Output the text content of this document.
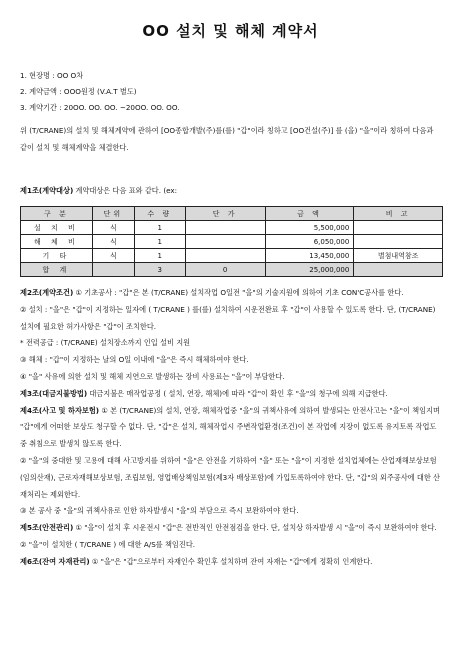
OO 설치 및 해체 계약서
1. 현장명 : OO O차
2. 계약금액 : OOO원정 (V.A.T 별도)
3. 계약기간 : 20OO. OO. OO. ~20OO. OO. OO.
위 (T/CRANE)의 설치 및 해체계약에 관하여 [OO종합개발(주)를(를) "갑"이라 칭하고 [OO건설(주)] 를 (을) "을"이라 칭하여 다음과 같이 설치 및 해체계약을 체결한다.
제1조(계약대상) 계약대상은 다음 표와 같다. (ex:
구 분	단위	수 량	단 가	금 액	비 고
설 치 비	식	1		5,500,000	
해 체 비	식	1		6,050,000	
기 타	식	1		13,450,000	별첨내역참조
합 계		3	0	25,000,000	

제2조(계약조건) ① 기초공사 : "갑"은 본 (T/CRANE) 설치작업 O일전 "을"의 기술지원에 의하여 기초 CON'C공사를 한다.

② 설치 : "을"은 "갑"이 지정하는 일자에 ( T/CRANE ) 를(를) 설치하여 시운전완료 후 "갑"이 사용할 수 있도록 한다. 단, (T/CRANE) 설치에 필요한 허가사항은 "갑"이 조치한다.

* 전력공급 : (T/CRANE) 설치장소까지 인입 설비 지원

③ 해체 : "갑"이 지정하는 날의 O일 이내에 "을"은 즉시 해체하여야 한다.

④ "을" 사유에 의한 설치 및 해체 지연으로 발생하는 장비 사용료는 "을"이 부담한다.

제3조(대금지불방법) 대금지불은 매작업공정 ( 설치, 연장, 해체)에 따라 "갑"이 확인 후 "을"의 청구에 의해 지급한다.

제4조(사고 및 하자보험) ① 본 (T/CRANE)의 설치, 연장, 해체작업중 "을"의 귀책사유에 의하여 발생되는 안전사고는 "을"이 책임지며 "갑"에게 어떠한 보상도 청구할 수 없다. 단, "갑"은 설치, 해체작업시 주변작업환경(조건)이 본 작업에 지장이 없도록 유지토록 작업도중 취침으로 발생치 않도록 한다.

② "을"의 중대한 및 고용에 대해 사고방지를 위하여 "을"은 안전을 기하하여 "을" 또는 "을"이 지정한 설치업체에는 산업재해보상보험(임의산재), 근로자재해보상보험, 조립보험, 영업배상책임보험(제3자 배상포함)에 가입토록하여야 한다. 단, "갑"의 외주공사에 대한 산재처리는 제외한다.

③ 본 공사 중 "을"의 귀책사유로 인한 하자발생시 "을"의 부담으로 즉시 보완하여야 한다.

제5조(안전관리) ① "을"이 설치 후 시운전시 "갑"은 전반적인 안전점검을 한다. 단, 설치상 하자발생 시 "을"이 즉시 보완하여야 한다.

② "을"이 설치한 ( T/CRANE ) 에 대한 A/S를 책임진다.

제6조(잔여 자재관리) ① "을"은 "갑"으로부터 자재인수 확인후 설치하며 잔여 자재는 "갑"에게 정확히 인계한다.
